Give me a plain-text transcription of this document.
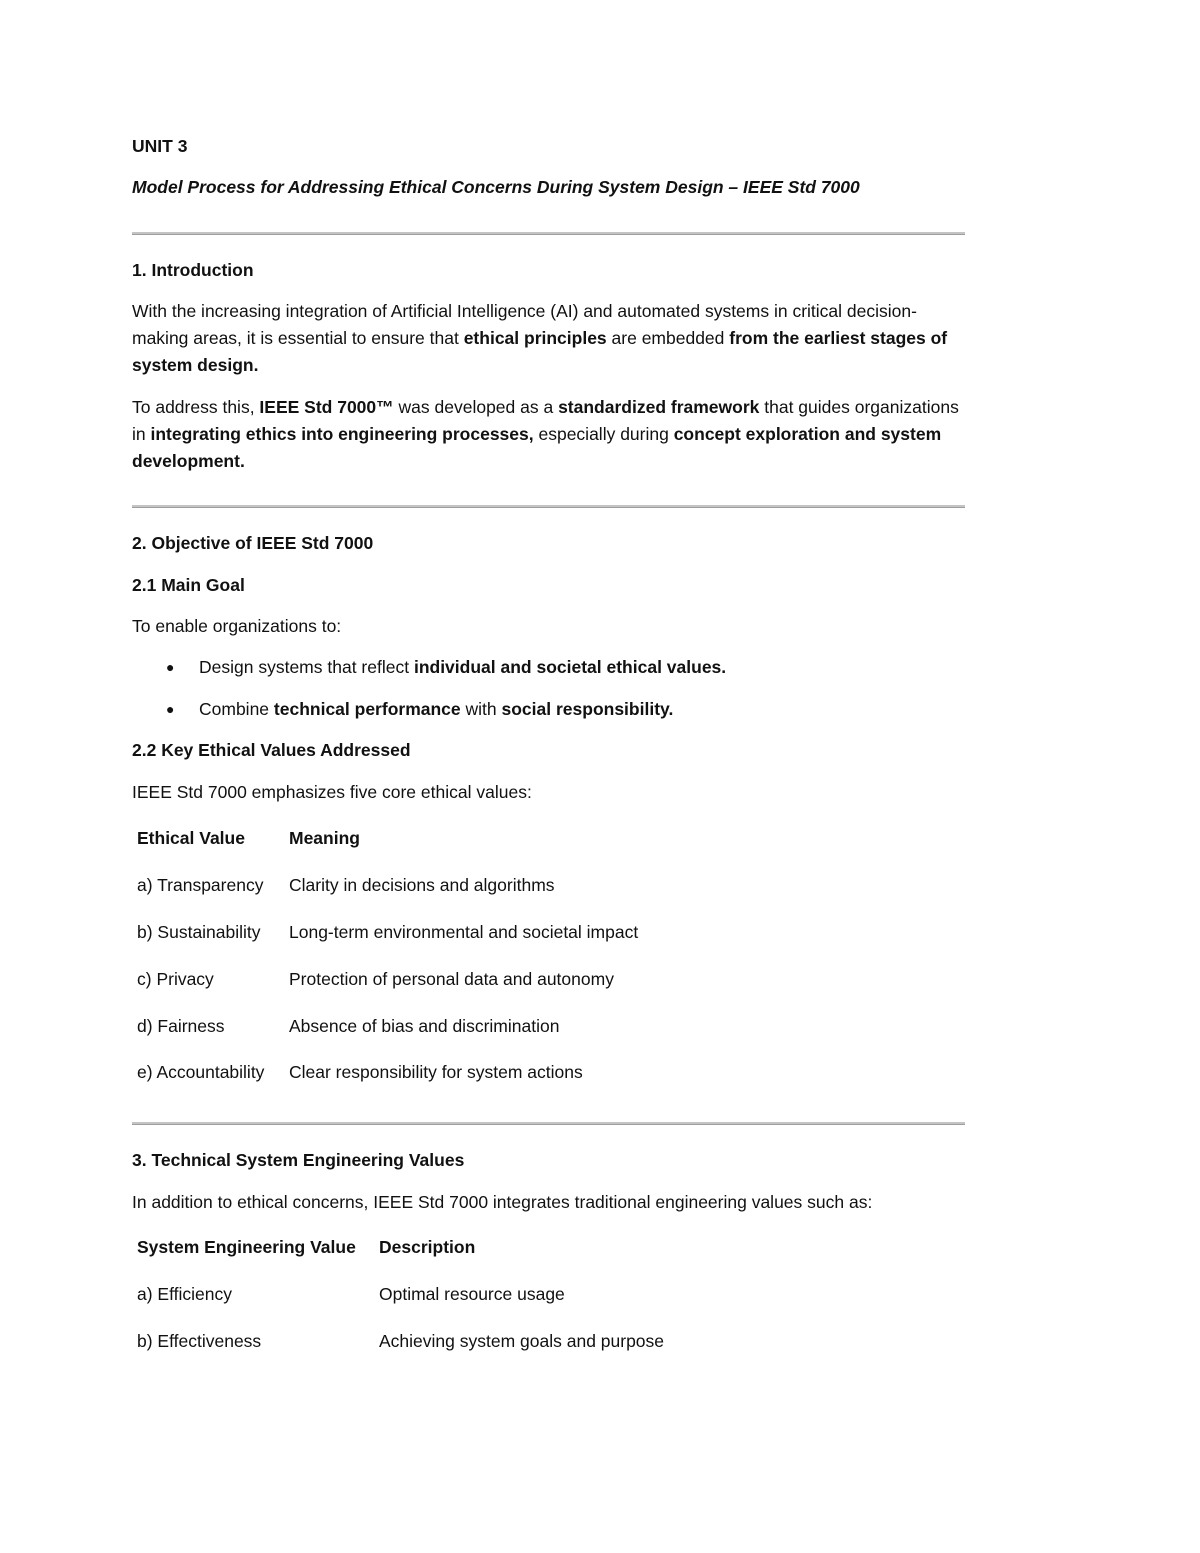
UNIT 3
Model Process for Addressing Ethical Concerns During System Design – IEEE Std 7000
1. Introduction
With the increasing integration of Artificial Intelligence (AI) and automated systems in critical decision-making areas, it is essential to ensure that ethical principles are embedded from the earliest stages of system design.
To address this, IEEE Std 7000™ was developed as a standardized framework that guides organizations in integrating ethics into engineering processes, especially during concept exploration and system development.
2. Objective of IEEE Std 7000
2.1 Main Goal
To enable organizations to:
● Design systems that reflect individual and societal ethical values.
● Combine technical performance with social responsibility.
2.2 Key Ethical Values Addressed
IEEE Std 7000 emphasizes five core ethical values:
Ethical Value	Meaning
a) Transparency Clarity in decisions and algorithms
b) Sustainability Long-term environmental and societal impact
c) Privacy	Protection of personal data and autonomy
d) Fairness	Absence of bias and discrimination
e) Accountability Clear responsibility for system actions
3. Technical System Engineering Values
In addition to ethical concerns, IEEE Std 7000 integrates traditional engineering values such as:
System Engineering Value Description
a) Efficiency	Optimal resource usage
b) Effectiveness	Achieving system goals and purpose
